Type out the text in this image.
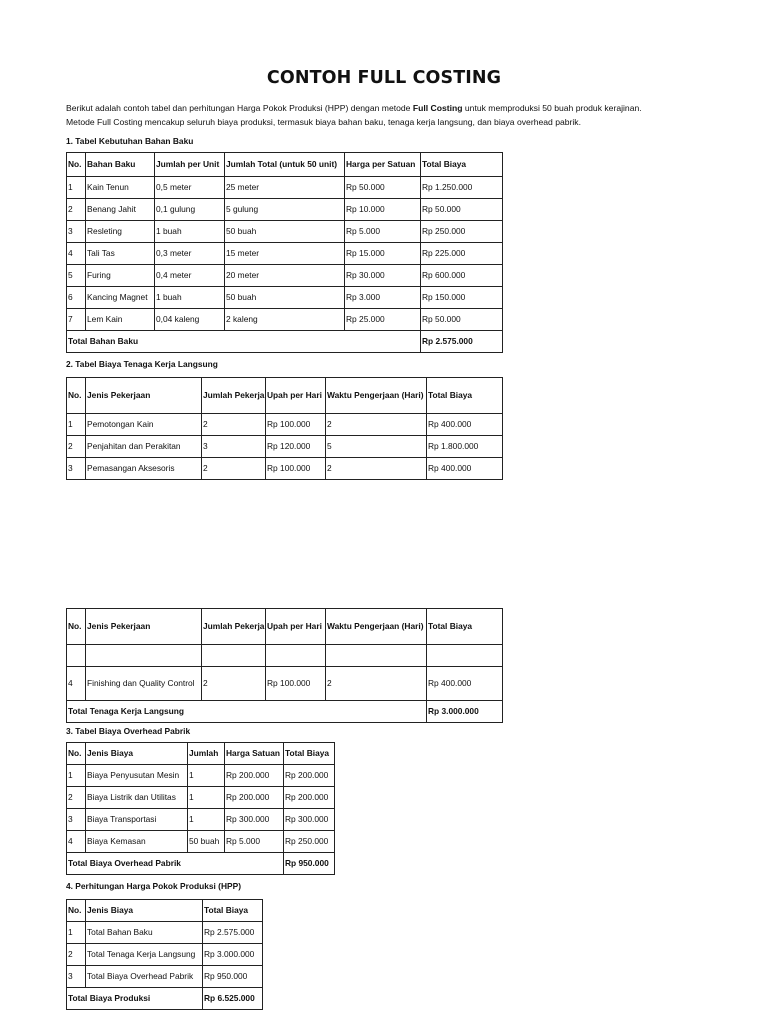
CONTOH FULL COSTING
Berikut adalah contoh tabel dan perhitungan Harga Pokok Produksi (HPP) dengan metode Full Costing untuk memproduksi 50 buah produk kerajinan.
Metode Full Costing mencakup seluruh biaya produksi, termasuk biaya bahan baku, tenaga kerja langsung, dan biaya overhead pabrik.
1. Tabel Kebutuhan Bahan Baku
No.	Bahan Baku	Jumlah per Unit	Jumlah Total (untuk 50 unit)	Harga per Satuan	Total Biaya
1	Kain Tenun	0,5 meter	25 meter	Rp 50.000	Rp 1.250.000
2	Benang Jahit	0,1 gulung	5 gulung	Rp 10.000	Rp 50.000
3	Resleting	1 buah	50 buah	Rp 5.000	Rp 250.000
4	Tali Tas	0,3 meter	15 meter	Rp 15.000	Rp 225.000
5	Furing	0,4 meter	20 meter	Rp 30.000	Rp 600.000
6	Kancing Magnet	1 buah	50 buah	Rp 3.000	Rp 150.000
7	Lem Kain	0,04 kaleng	2 kaleng	Rp 25.000	Rp 50.000
Total Bahan Baku					Rp 2.575.000
2. Tabel Biaya Tenaga Kerja Langsung
No.	Jenis Pekerjaan	Jumlah Pekerja	Upah per Hari	Waktu Pengerjaan (Hari)	Total Biaya
1	Pemotongan Kain	2	Rp 100.000	2	Rp 400.000
2	Penjahitan dan Perakitan	3	Rp 120.000	5	Rp 1.800.000
3	Pemasangan Aksesoris	2	Rp 100.000	2	Rp 400.000
No.	Jenis Pekerjaan	Jumlah Pekerja	Upah per Hari	Waktu Pengerjaan (Hari)	Total Biaya

4	Finishing dan Quality Control	2	Rp 100.000	2	Rp 400.000
Total Tenaga Kerja Langsung					Rp 3.000.000
3. Tabel Biaya Overhead Pabrik
No.	Jenis Biaya	Jumlah	Harga Satuan	Total Biaya
1	Biaya Penyusutan Mesin	1	Rp 200.000	Rp 200.000
2	Biaya Listrik dan Utilitas	1	Rp 200.000	Rp 200.000
3	Biaya Transportasi	1	Rp 300.000	Rp 300.000
4	Biaya Kemasan	50 buah	Rp 5.000	Rp 250.000
Total Biaya Overhead Pabrik				Rp 950.000
4. Perhitungan Harga Pokok Produksi (HPP)
No.	Jenis Biaya	Total Biaya
1	Total Bahan Baku	Rp 2.575.000
2	Total Tenaga Kerja Langsung	Rp 3.000.000
3	Total Biaya Overhead Pabrik	Rp 950.000
Total Biaya Produksi		Rp 6.525.000
